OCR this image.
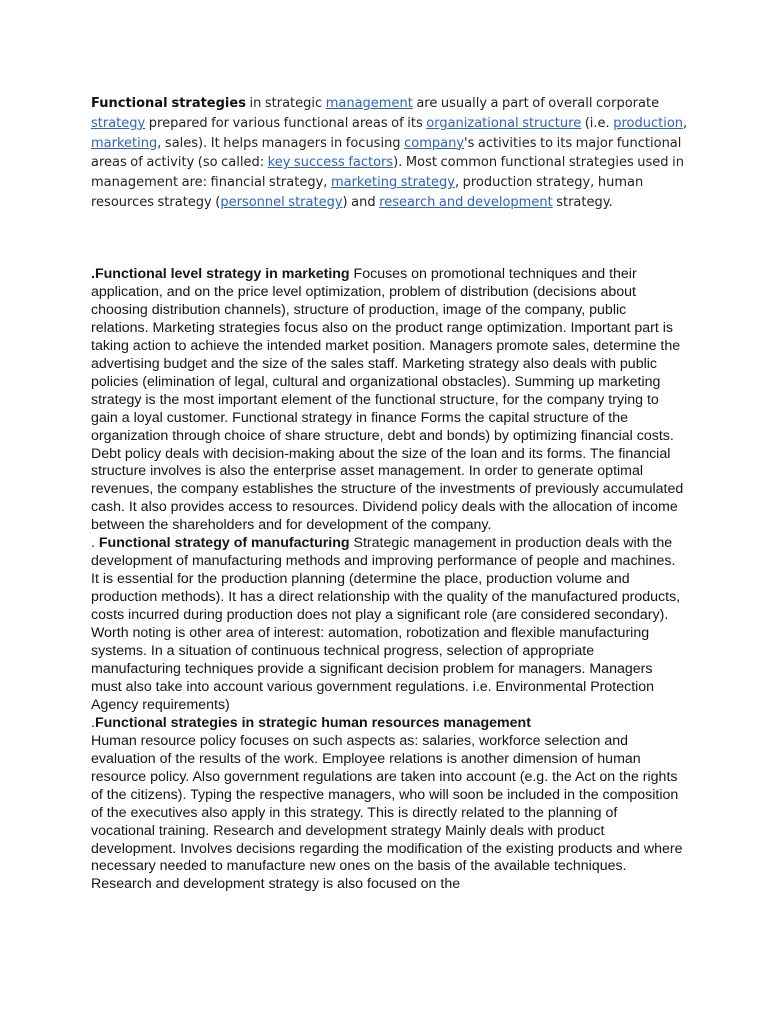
Functional strategies in strategic management are usually a part of overall corporate strategy prepared for various functional areas of its organizational structure (i.e. production, marketing, sales). It helps managers in focusing company's activities to its major functional areas of activity (so called: key success factors). Most common functional strategies used in management are: financial strategy, marketing strategy, production strategy, human resources strategy (personnel strategy) and research and development strategy.

.Functional level strategy in marketing Focuses on promotional techniques and their application, and on the price level optimization, problem of distribution (decisions about choosing distribution channels), structure of production, image of the company, public relations. Marketing strategies focus also on the product range optimization. Important part is taking action to achieve the intended market position. Managers promote sales, determine the advertising budget and the size of the sales staff. Marketing strategy also deals with public policies (elimination of legal, cultural and organizational obstacles). Summing up marketing strategy is the most important element of the functional structure, for the company trying to gain a loyal customer. Functional strategy in finance Forms the capital structure of the organization through choice of share structure, debt and bonds) by optimizing financial costs. Debt policy deals with decision-making about the size of the loan and its forms. The financial structure involves is also the enterprise asset management. In order to generate optimal revenues, the company establishes the structure of the investments of previously accumulated cash. It also provides access to resources. Dividend policy deals with the allocation of income between the shareholders and for development of the company.

. Functional strategy of manufacturing Strategic management in production deals with the development of manufacturing methods and improving performance of people and machines. It is essential for the production planning (determine the place, production volume and production methods). It has a direct relationship with the quality of the manufactured products, costs incurred during production does not play a significant role (are considered secondary). Worth noting is other area of interest: automation, robotization and flexible manufacturing systems. In a situation of continuous technical progress, selection of appropriate manufacturing techniques provide a significant decision problem for managers. Managers must also take into account various government regulations. i.e. Environmental Protection Agency requirements)

.Functional strategies in strategic human resources management
Human resource policy focuses on such aspects as: salaries, workforce selection and evaluation of the results of the work. Employee relations is another dimension of human resource policy. Also government regulations are taken into account (e.g. the Act on the rights of the citizens). Typing the respective managers, who will soon be included in the composition of the executives also apply in this strategy. This is directly related to the planning of vocational training. Research and development strategy Mainly deals with product development. Involves decisions regarding the modification of the existing products and where necessary needed to manufacture new ones on the basis of the available techniques. Research and development strategy is also focused on the
